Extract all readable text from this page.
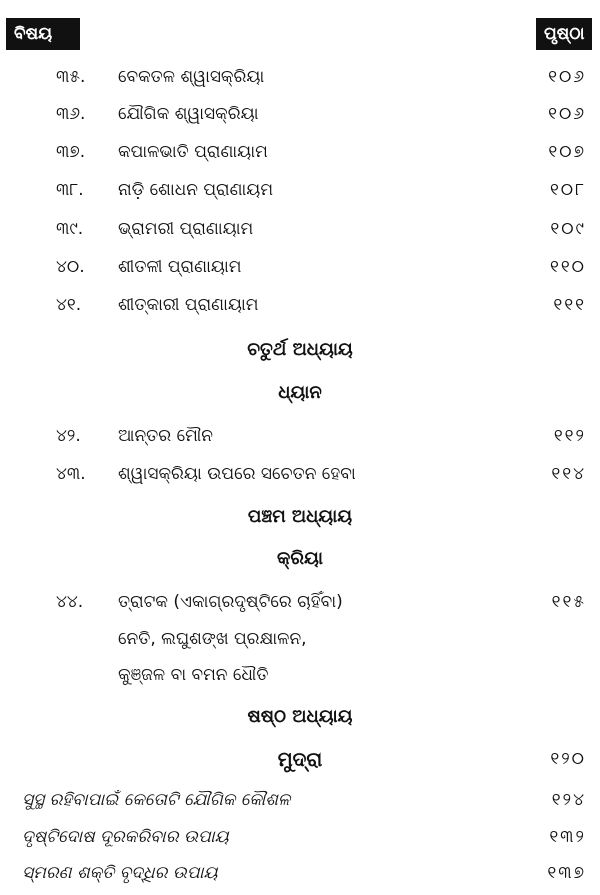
ବିଷୟ	ପୃଷ୍ଠା
୩୫. ବେକତଳ ଶ୍ୱାସକ୍ରିୟା	୧୦୬
୩୬. ଯୌଗିକ ଶ୍ୱାସକ୍ରିୟା	୧୦୬
୩୭. କପାଳଭାତି ପ୍ରାଣାୟାମ	୧୦୭
୩୮. ନାଡ଼ି ଶୋଧନ ପ୍ରାଣାୟମ	୧୦୮
୩୯. ଭ୍ରାମରୀ ପ୍ରାଣାୟାମ	୧୦୯
୪୦. ଶୀତଳୀ ପ୍ରାଣାୟାମ	୧୧୦
୪୧. ଶୀତ୍କାରୀ ପ୍ରାଣାୟାମ	୧୧୧
ଚତୁର୍ଥ ଅଧ୍ୟାୟ
ଧ୍ୟାନ
୪୨. ଆନ୍ତର ମୌନ	୧୧୨
୪୩. ଶ୍ୱାସକ୍ରିୟା ଉପରେ ସଚେତନ ହେବା	୧୧୪
ପଞ୍ଚମ ଅଧ୍ୟାୟ
କ୍ରିୟା
୪୪. ତ୍ରାଟକ (ଏକାଗ୍ରଦୃଷ୍ଟିରେ ଚାହିଁବା)	୧୧୫
ନେତି, ଲଘୁଶଙ୍ଖ ପ୍ରକ୍ଷାଳନ,
କୁଞ୍ଜଳ ବା ବମନ ଧୌତି
ଷଷ୍ଠ ଅଧ୍ୟାୟ
ମୁଦ୍ରା	୧୨୦
ସୁସ୍ଥ ରହିବାପାଇଁ କେତୋଟି ଯୌଗିକ କୌଶଳ	୧୨୪
ଦୃଷ୍ଟିଦୋଷ ଦୂରକରିବାର ଉପାୟ	୧୩୨
ସ୍ମରଣ ଶକ୍ତି ବୃଦ୍ଧିର ଉପାୟ	୧୩୭
